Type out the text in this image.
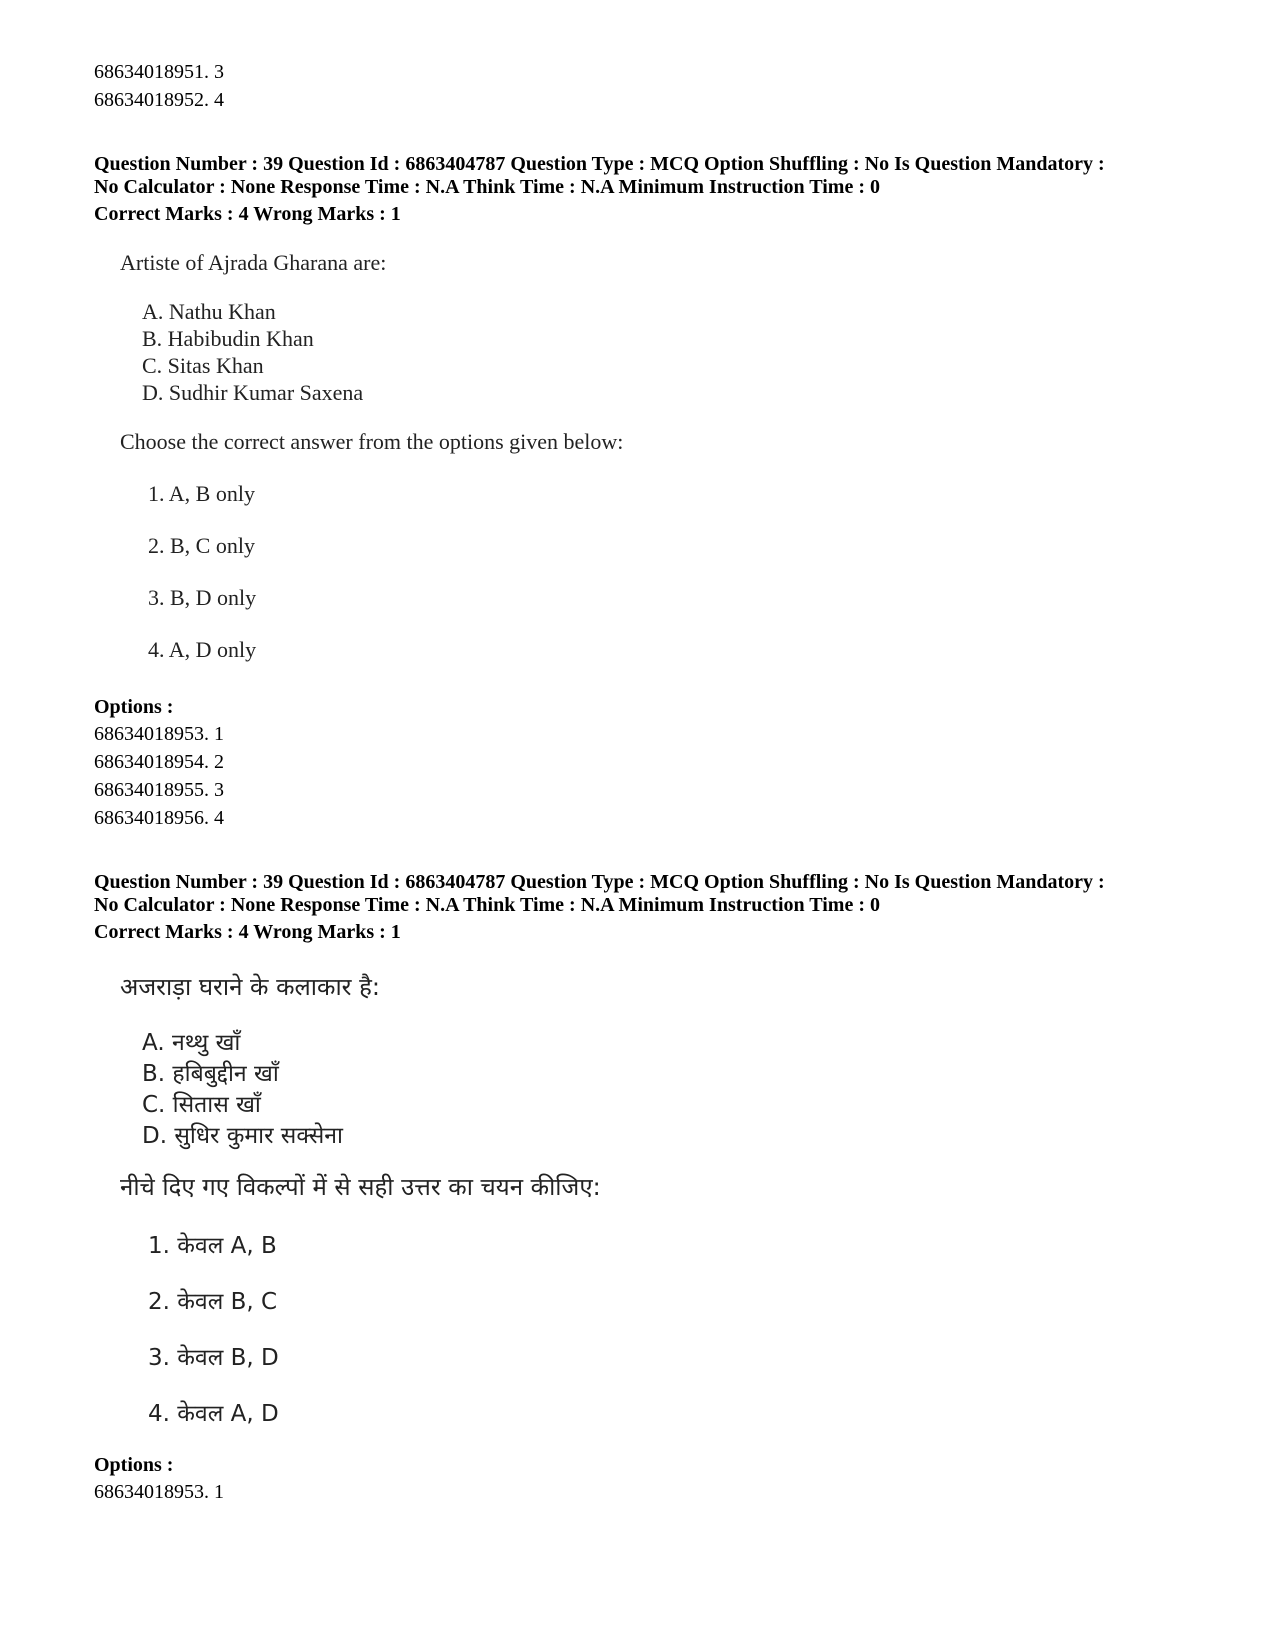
68634018951. 3
68634018952. 4
Question Number : 39 Question Id : 6863404787 Question Type : MCQ Option Shuffling : No Is Question Mandatory :
No Calculator : None Response Time : N.A Think Time : N.A Minimum Instruction Time : 0
Correct Marks : 4 Wrong Marks : 1
Artiste of Ajrada Gharana are:
A. Nathu Khan
B. Habibudin Khan
C. Sitas Khan
D. Sudhir Kumar Saxena
Choose the correct answer from the options given below:
1. A, B only
2. B, C only
3. B, D only
4. A, D only
Options :
68634018953. 1
68634018954. 2
68634018955. 3
68634018956. 4
Question Number : 39 Question Id : 6863404787 Question Type : MCQ Option Shuffling : No Is Question Mandatory :
No Calculator : None Response Time : N.A Think Time : N.A Minimum Instruction Time : 0
Correct Marks : 4 Wrong Marks : 1
अजराड़ा घराने के कलाकार है:
A. नथ्थु खाँ
B. हबिबुद्दीन खाँ
C. सितास खाँ
D. सुधिर कुमार सक्सेना
नीचे दिए गए विकल्पों में से सही उत्तर का चयन कीजिए:
1. केवल A, B
2. केवल B, C
3. केवल B, D
4. केवल A, D
Options :
68634018953. 1
